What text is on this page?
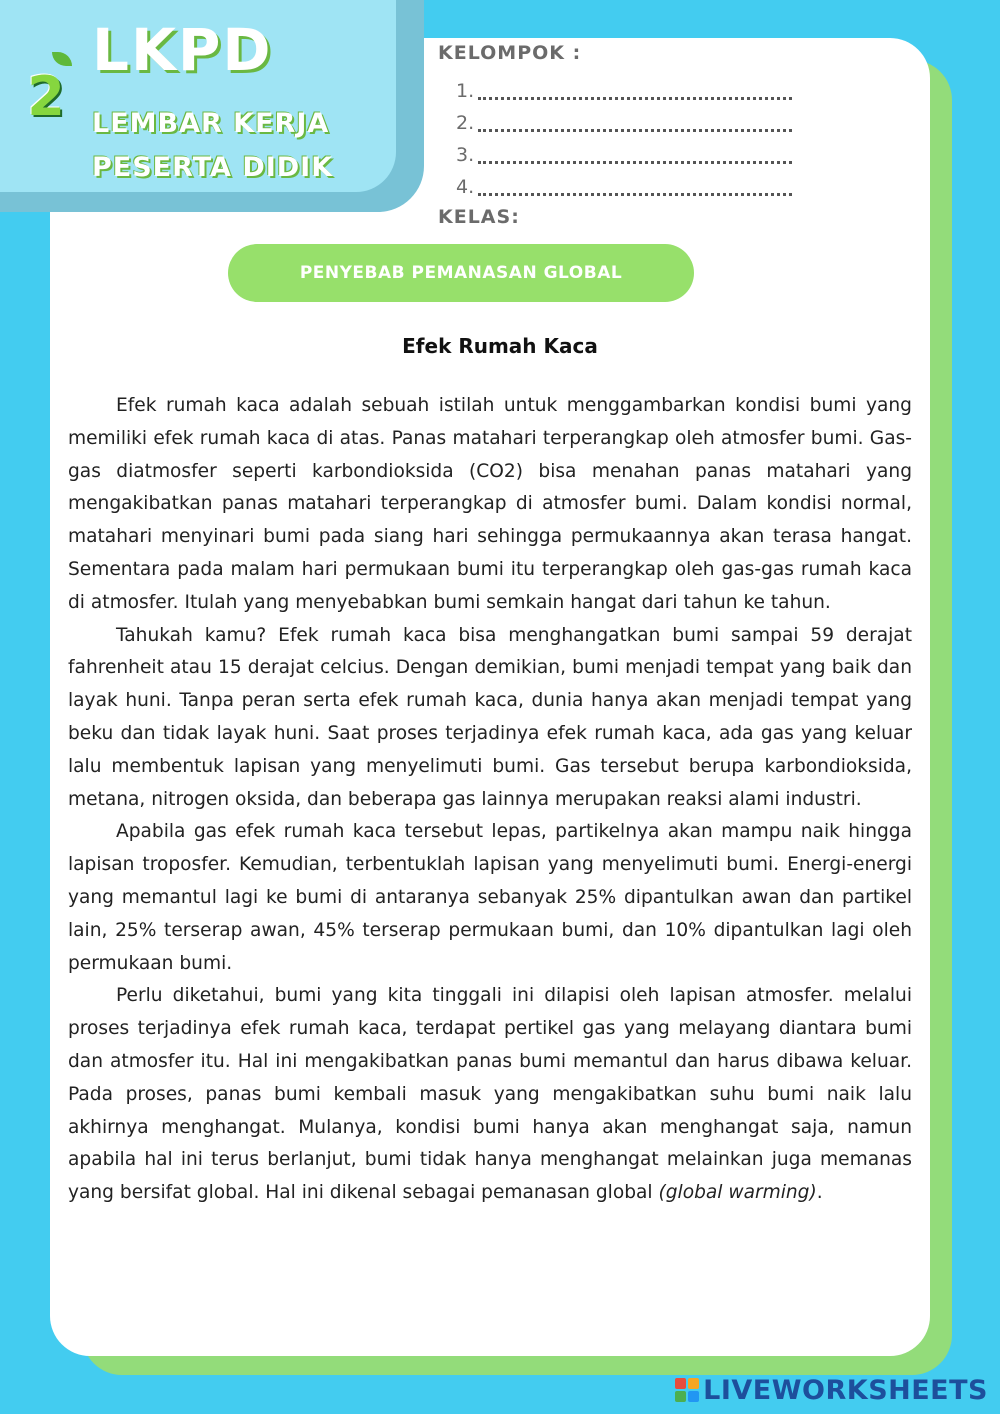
2
LKPD
LEMBAR KERJA
PESERTA DIDIK
KELOMPOK :
1.
2.
3.
4.
KELAS:
PENYEBAB PEMANASAN GLOBAL
Efek Rumah Kaca

Efek rumah kaca adalah sebuah istilah untuk menggambarkan kondisi bumi yang memiliki efek rumah kaca di atas. Panas matahari terperangkap oleh atmosfer bumi. Gas-gas diatmosfer seperti karbondioksida (CO2) bisa menahan panas matahari yang mengakibatkan panas matahari terperangkap di atmosfer bumi. Dalam kondisi normal, matahari menyinari bumi pada siang hari sehingga permukaannya akan terasa hangat. Sementara pada malam hari permukaan bumi itu terperangkap oleh gas-gas rumah kaca di atmosfer. Itulah yang menyebabkan bumi semkain hangat dari tahun ke tahun.

Tahukah kamu? Efek rumah kaca bisa menghangatkan bumi sampai 59 derajat fahrenheit atau 15 derajat celcius. Dengan demikian, bumi menjadi tempat yang baik dan layak huni. Tanpa peran serta efek rumah kaca, dunia hanya akan menjadi tempat yang beku dan tidak layak huni. Saat proses terjadinya efek rumah kaca, ada gas yang keluar lalu membentuk lapisan yang menyelimuti bumi. Gas tersebut berupa karbondioksida, metana, nitrogen oksida, dan beberapa gas lainnya merupakan reaksi alami industri.

Apabila gas efek rumah kaca tersebut lepas, partikelnya akan mampu naik hingga lapisan troposfer. Kemudian, terbentuklah lapisan yang menyelimuti bumi. Energi-energi yang memantul lagi ke bumi di antaranya sebanyak 25% dipantulkan awan dan partikel lain, 25% terserap awan, 45% terserap permukaan bumi, dan 10% dipantulkan lagi oleh permukaan bumi.

Perlu diketahui, bumi yang kita tinggali ini dilapisi oleh lapisan atmosfer. melalui proses terjadinya efek rumah kaca, terdapat pertikel gas yang melayang diantara bumi dan atmosfer itu. Hal ini mengakibatkan panas bumi memantul dan harus dibawa keluar. Pada proses, panas bumi kembali masuk yang mengakibatkan suhu bumi naik lalu akhirnya menghangat. Mulanya, kondisi bumi hanya akan menghangat saja, namun apabila hal ini terus berlanjut, bumi tidak hanya menghangat melainkan juga memanas yang bersifat global. Hal ini dikenal sebagai pemanasan global (global warming).

LIVEWORKSHEETS
